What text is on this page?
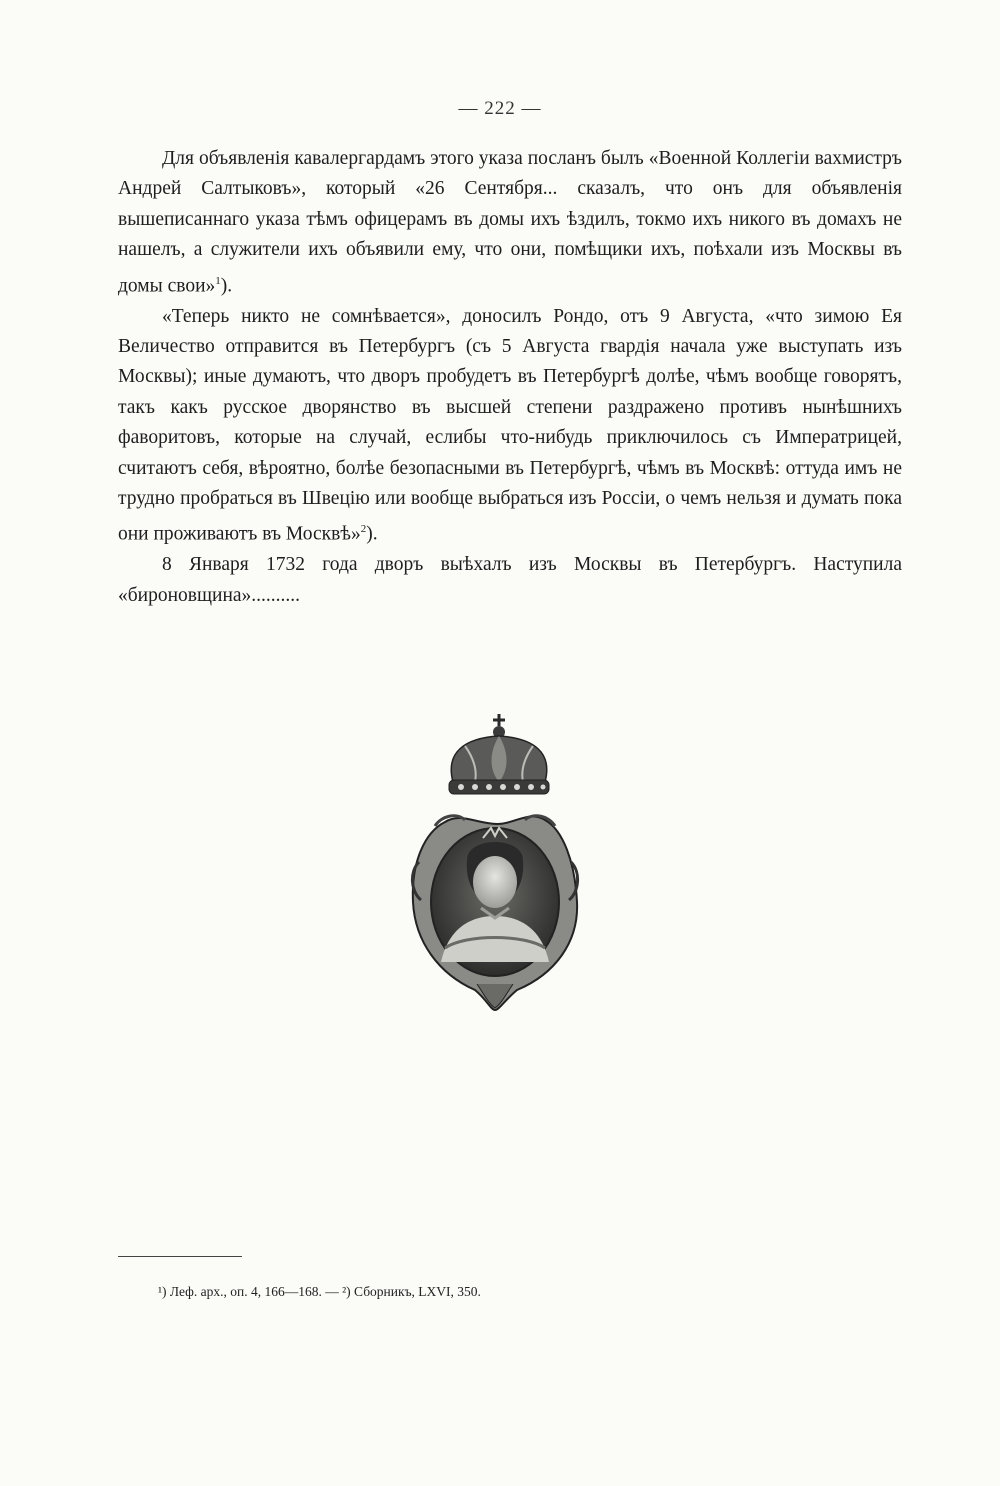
— 222 —

Для объявленія кавалергардамъ этого указа посланъ былъ «Военной Коллегіи вахмистръ Андрей Салтыковъ», который «26 Сентября... сказалъ, что онъ для объявленія вышеписаннаго указа тѣмъ офицерамъ въ домы ихъ ѣздилъ, токмо ихъ никого въ домахъ не нашелъ, а служители ихъ объявили ему, что они, помѣщики ихъ, поѣхали изъ Москвы въ домы свои»$^1$).

«Теперь никто не сомнѣвается», доносилъ Рондо, отъ 9 Августа, «что зимою Ея Величество отправится въ Петербургъ (съ 5 Августа гвардія начала уже выступать изъ Москвы); иные думаютъ, что дворъ пробудетъ въ Петербургѣ долѣе, чѣмъ вообще говорятъ, такъ какъ русское дворянство въ высшей степени раздражено противъ нынѣшнихъ фаворитовъ, которые на случай, еслибы что-нибудь приключилось съ Императрицей, считаютъ себя, вѣроятно, болѣе безопасными въ Петербургѣ, чѣмъ въ Москвѣ: оттуда имъ не трудно пробраться въ Швецію или вообще выбраться изъ Россіи, о чемъ нельзя и думать пока они проживаютъ въ Москвѣ»$^2$).

8 Января 1732 года дворъ выѣхалъ изъ Москвы въ Петербургъ. Наступила «бироновщина»..........

¹) Леф. арх., оп. 4, 166—168. — ²) Сборникъ, LXVI, 350.
